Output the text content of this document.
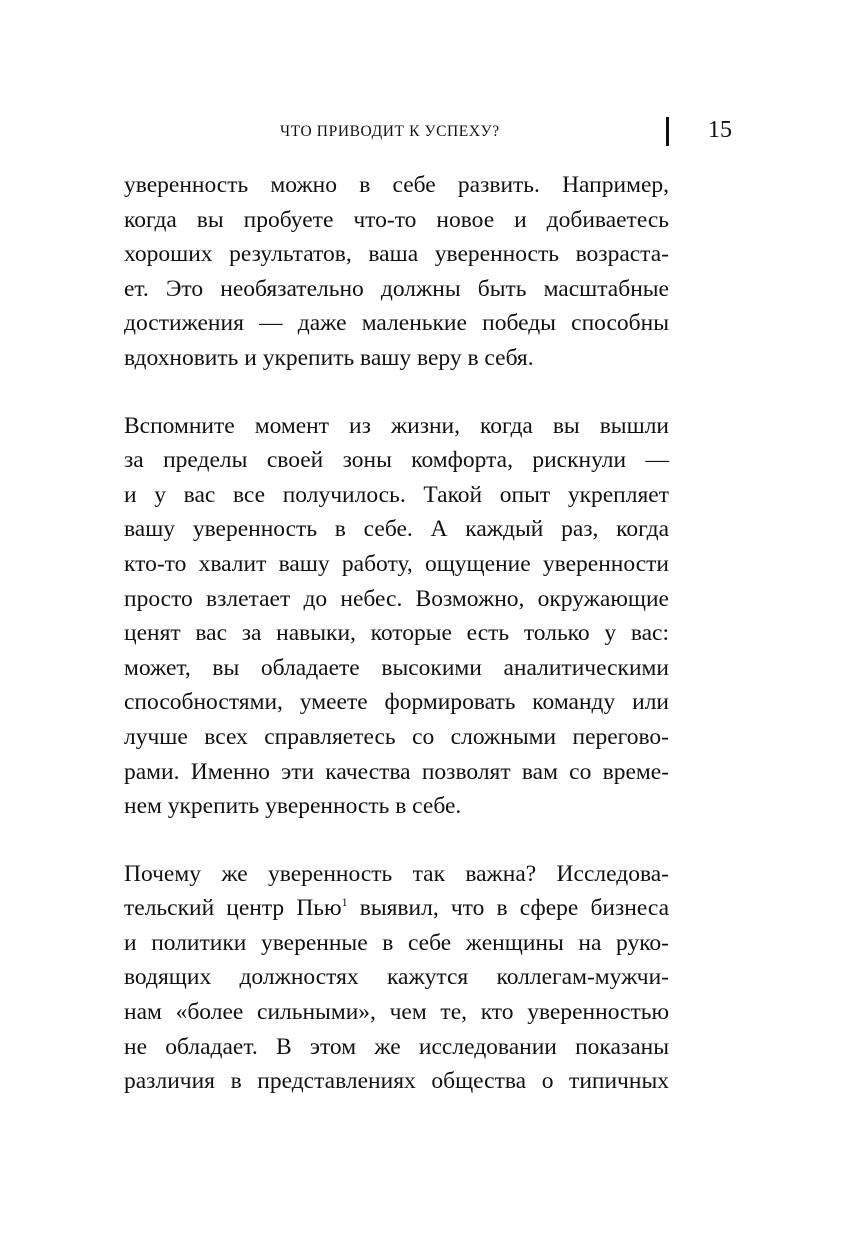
ЧТО ПРИВОДИТ К УСПЕХУ?	15
уверенность можно в себе развить. Например,
когда вы пробуете что-то новое и добиваетесь
хороших результатов, ваша уверенность возраста-
ет. Это необязательно должны быть масштабные
достижения — даже маленькие победы способны
вдохновить и укрепить вашу веру в себя.
Вспомните момент из жизни, когда вы вышли
за пределы своей зоны комфорта, рискнули —
и у вас все получилось. Такой опыт укрепляет
вашу уверенность в себе. А каждый раз, когда
кто-то хвалит вашу работу, ощущение уверенности
просто взлетает до небес. Возможно, окружающие
ценят вас за навыки, которые есть только у вас:
может, вы обладаете высокими аналитическими
способностями, умеете формировать команду или
лучше всех справляетесь со сложными перегово-
рами. Именно эти качества позволят вам со време-
нем укрепить уверенность в себе.
Почему же уверенность так важна? Исследова-
тельский центр Пью$^1$ выявил, что в сфере бизнеса
и политики уверенные в себе женщины на руко-
водящих должностях кажутся коллегам-мужчи-
нам «более сильными», чем те, кто уверенностью
не обладает. В этом же исследовании показаны
различия в представлениях общества о типичных
